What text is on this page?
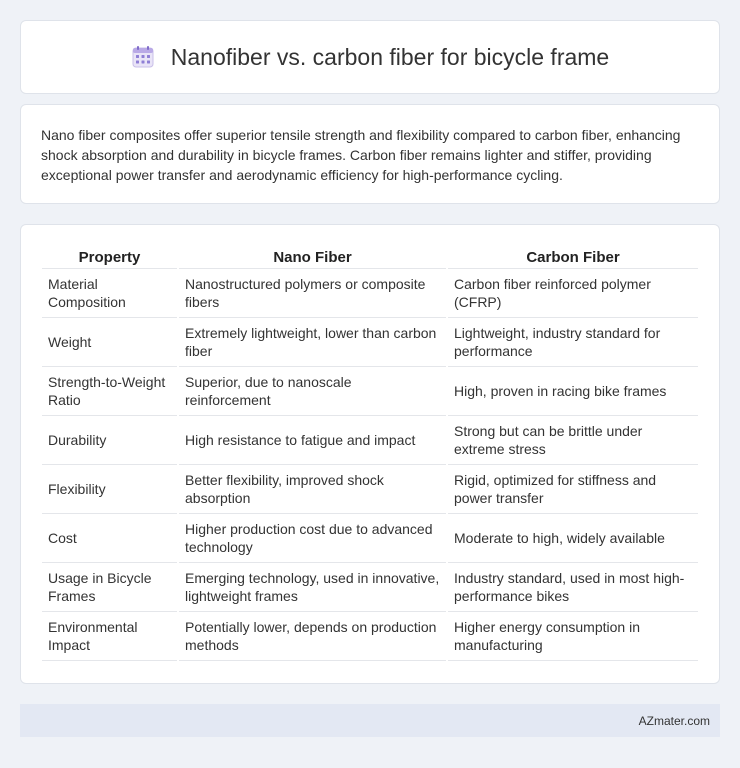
Nanofiber vs. carbon fiber for bicycle frame

Nano fiber composites offer superior tensile strength and flexibility compared to carbon fiber, enhancing shock absorption and durability in bicycle frames. Carbon fiber remains lighter and stiffer, providing exceptional power transfer and aerodynamic efficiency for high-performance cycling.

Property	Nano Fiber	Carbon Fiber
Material Composition	Nanostructured polymers or composite fibers	Carbon fiber reinforced polymer (CFRP)
Weight	Extremely lightweight, lower than carbon fiber	Lightweight, industry standard for performance
Strength-to-Weight Ratio	Superior, due to nanoscale reinforcement	High, proven in racing bike frames
Durability	High resistance to fatigue and impact	Strong but can be brittle under extreme stress
Flexibility	Better flexibility, improved shock absorption	Rigid, optimized for stiffness and power transfer
Cost	Higher production cost due to advanced technology	Moderate to high, widely available
Usage in Bicycle Frames	Emerging technology, used in innovative, lightweight frames	Industry standard, used in most high-performance bikes
Environmental Impact	Potentially lower, depends on production methods	Higher energy consumption in manufacturing
AZmater.com
